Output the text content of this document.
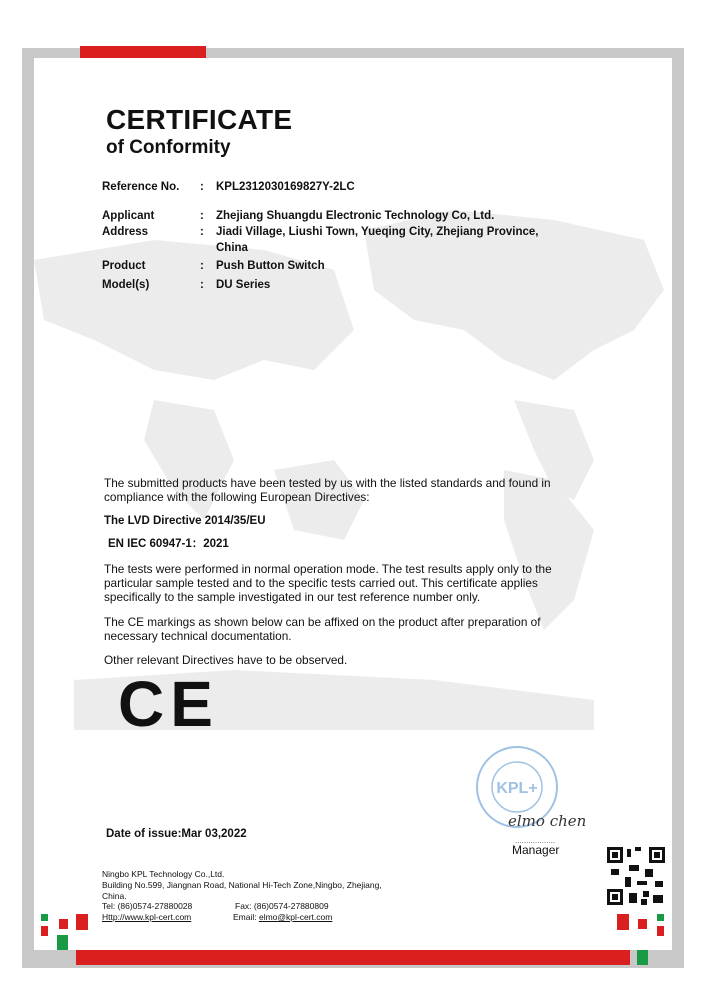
CERTIFICATE
of Conformity
Reference No. : KPL2312030169827Y-2LC
Applicant	: Zhejiang Shuangdu Electronic Technology Co, Ltd.
Address	: Jiadi Village, Liushi Town, Yueqing City, Zhejiang Province,
China
Product	: Push Button Switch
Model(s)	: DU Series
The submitted products have been tested by us with the listed standards and found in compliance with the following European Directives:
The LVD Directive 2014/35/EU
EN IEC 60947-1：2021
The tests were performed in normal operation mode. The test results apply only to the particular sample tested and to the specific tests carried out. This certificate applies specifically to the sample investigated in our test reference number only.
The CE markings as shown below can be affixed on the product after preparation of necessary technical documentation.
Other relevant Directives have to be observed.
CE
KPL+
elmo chen
..................
Manager
Date of issue:Mar 03,2022
Ningbo KPL Technology Co.,Ltd.
Building No.599, Jiangnan Road, National Hi-Tech Zone,Ningbo, Zhejiang,
China.
Tel: (86)0574-27880028	Fax: (86)0574-27880809
Http://www.kpl-cert.com	Email: elmo@kpl-cert.com
